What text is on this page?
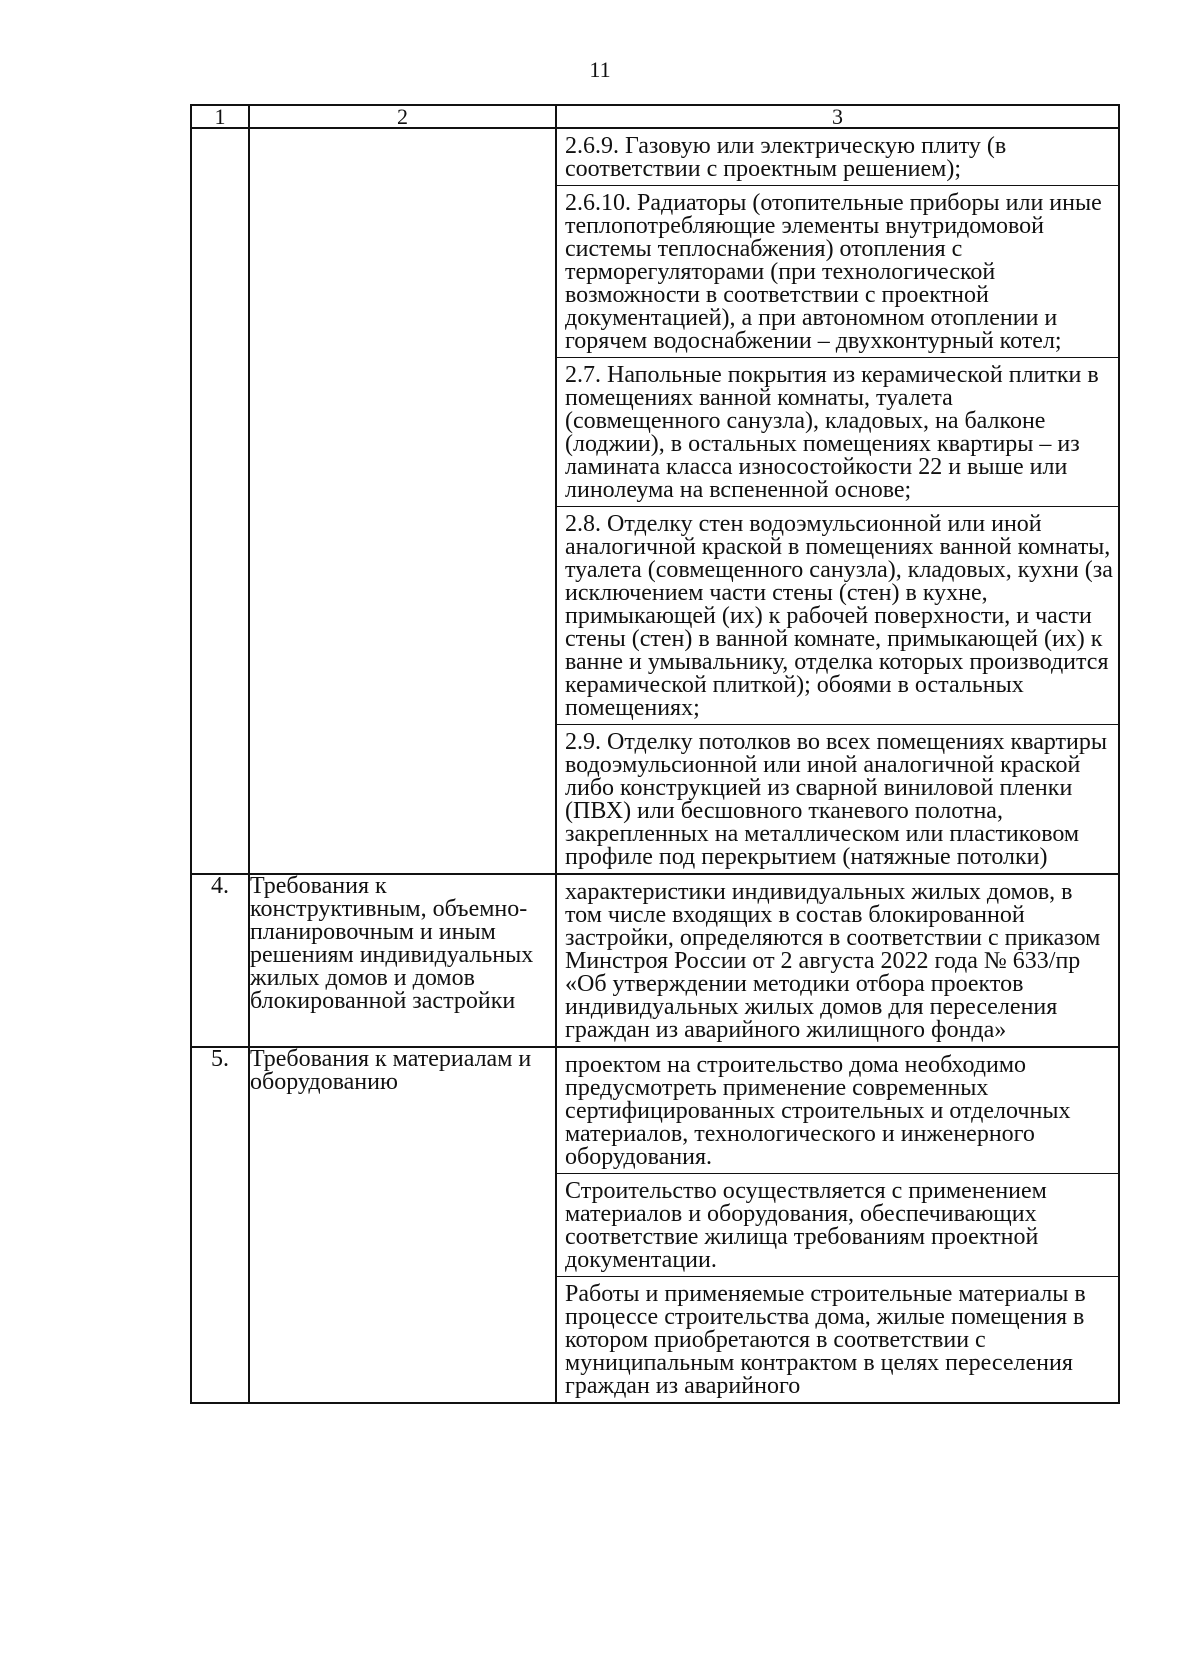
11
1	2	3

		2.6.9. Газовую или электрическую плиту (в соответствии с проектным решением);
2.6.10. Радиаторы (отопительные приборы или иные теплопотребляющие элементы внутридомовой системы теплоснабжения) отопления с терморегуляторами (при технологической возможности в соответствии с проектной документацией), а при автономном отоплении и горячем водоснабжении – двухконтурный котел;
2.7. Напольные покрытия из керамической плитки в помещениях ванной комнаты, туалета (совмещенного санузла), кладовых, на балконе (лоджии), в остальных помещениях квартиры – из ламината класса износостойкости 22 и выше или линолеума на вспененной основе;
2.8. Отделку стен водоэмульсионной или иной аналогичной краской в помещениях ванной комнаты, туалета (совмещенного санузла), кладовых, кухни (за исключением части стены (стен) в кухне, примыкающей (их) к рабочей поверхности, и части стены (стен) в ванной комнате, примыкающей (их) к ванне и умывальнику, отделка которых производится керамической плиткой); обоями в остальных помещениях;
2.9. Отделку потолков во всех помещениях квартиры водоэмульсионной или иной аналогичной краской либо конструкцией из сварной виниловой пленки (ПВХ) или бесшовного тканевого полотна, закрепленных на металлическом или пластиковом профиле под перекрытием (натяжные потолки)

4.	Требования к конструктивным, объемно-планировочным и иным решениям индивидуальных жилых домов и домов блокированной застройки	характеристики индивидуальных жилых домов, в том числе входящих в состав блокированной застройки, определяются в соответствии с приказом Минстроя России от 2 августа 2022 года № 633/пр «Об утверждении методики отбора проектов индивидуальных жилых домов для переселения граждан из аварийного жилищного фонда»

5.	Требования к материалам и оборудованию	проектом на строительство дома необходимо предусмотреть применение современных сертифицированных строительных и отделочных материалов, технологического и инженерного оборудования.
Строительство осуществляется с применением материалов и оборудования, обеспечивающих соответствие жилища требованиям проектной документации.
Работы и применяемые строительные материалы в процессе строительства дома, жилые помещения в котором приобретаются в соответствии с муниципальным контрактом в целях переселения граждан из аварийного
